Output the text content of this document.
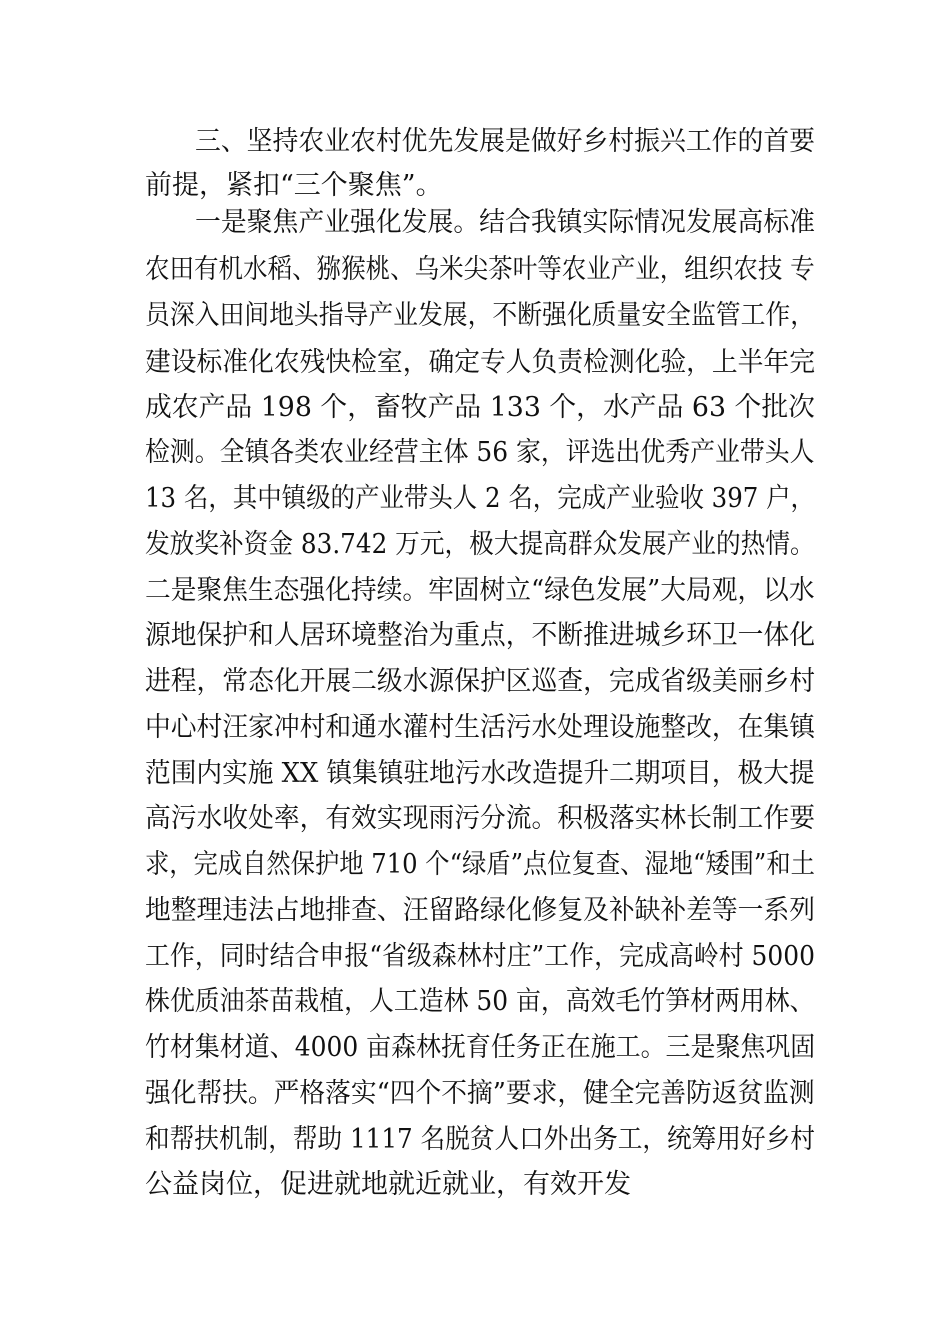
三、坚持农业农村优先发展是做好乡村振兴工作的首要
前提，紧扣“三个聚焦”。
一是聚焦产业强化发展。结合我镇实际情况发展高标准
农田有机水稻、猕猴桃、乌米尖茶叶等农业产业，组织农技 专
员深入田间地头指导产业发展，不断强化质量安全监管工作，
建设标准化农残快检室，确定专人负责检测化验，上半年完
成农产品 198 个，畜牧产品 133 个，水产品 63 个批次
检测。全镇各类农业经营主体 56 家，评选出优秀产业带头人
13 名，其中镇级的产业带头人 2 名，完成产业验收 397 户，
发放奖补资金 83.742 万元，极大提高群众发展产业的热情。
二是聚焦生态强化持续。牢固树立“绿色发展”大局观，以水
源地保护和人居环境整治为重点，不断推进城乡环卫一体化
进程，常态化开展二级水源保护区巡查，完成省级美丽乡村
中心村汪家冲村和通水灌村生活污水处理设施整改，在集镇
范围内实施 XX 镇集镇驻地污水改造提升二期项目，极大提
高污水收处率，有效实现雨污分流。积极落实林长制工作要
求，完成自然保护地 710 个“绿盾”点位复查、湿地“矮围”和土
地整理违法占地排查、汪留路绿化修复及补缺补差等一系列
工作，同时结合申报“省级森林村庄”工作，完成高岭村 5000
株优质油茶苗栽植，人工造林 50 亩，高效毛竹笋材两用林、
竹材集材道、4000 亩森林抚育任务正在施工。三是聚焦巩固
强化帮扶。严格落实“四个不摘”要求，健全完善防返贫监测
和帮扶机制，帮助 1117 名脱贫人口外出务工，统筹用好乡村
公益岗位，促进就地就近就业，有效开发
